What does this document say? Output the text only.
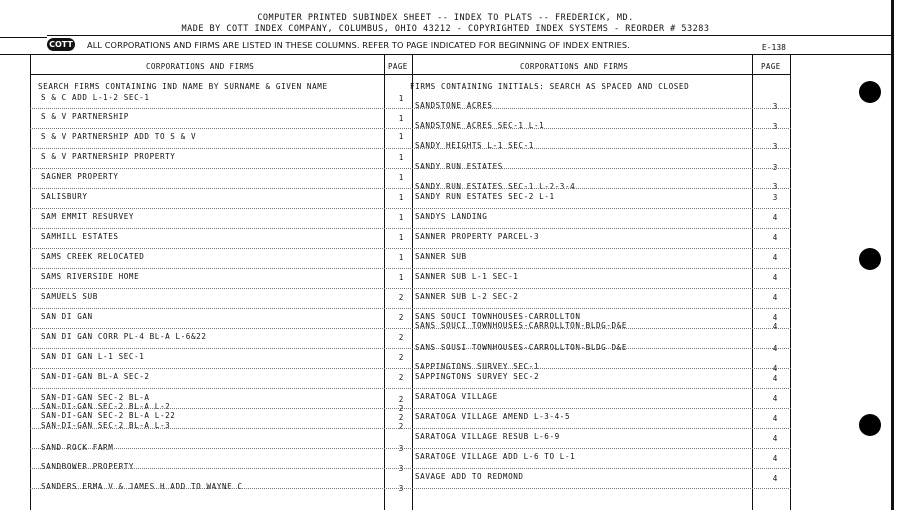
COMPUTER PRINTED SUBINDEX SHEET -- INDEX TO PLATS -- FREDERICK, MD.
MADE BY COTT INDEX COMPANY, COLUMBUS, OHIO 43212 - COPYRIGHTED INDEX SYSTEMS - REORDER # 53283
COTT ALL CORPORATIONS AND FIRMS ARE LISTED IN THESE COLUMNS. REFER TO PAGE INDICATED FOR BEGINNING OF INDEX ENTRIES.	E-138
CORPORATIONS AND FIRMS	PAGE	CORPORATIONS AND FIRMS	PAGE
SEARCH FIRMS CONTAINING IND NAME BY SURNAME & GIVEN NAME	FIRMS CONTAINING INITIALS: SEARCH AS SPACED AND CLOSED
S & C ADD L-1-2 SEC-1	1
S & V PARTNERSHIP	1
S & V PARTNERSHIP ADD TO S & V	1
S & V PARTNERSHIP PROPERTY	1
SAGNER PROPERTY	1
SALISBURY	1
SAM EMMIT RESURVEY	1
SAMHILL ESTATES	1
SAMS CREEK RELOCATED	1
SAMS RIVERSIDE HOME	1
SAMUELS SUB	2
SAN DI GAN	2
SAN DI GAN CORR PL-4 BL-A L-6&22	2
SAN DI GAN L-1 SEC-1	2
SAN-DI-GAN BL-A SEC-2	2
SAN-DI-GAN SEC-2 BL-A	2
SAN-DI-GAN SEC-2 BL-A L-2	2
SAN-DI-GAN SEC-2 BL-A L-22	2
SAN-DI-GAN SEC-2 BL-A L-3	2
SAND ROCK FARM	3
SANDBOWER PROPERTY	3
SANDERS ERMA V & JAMES H ADD TO WAYNE C	3
SANDSTONE ACRES	3
SANDSTONE ACRES SEC-1 L-1	3
SANDY HEIGHTS L-1 SEC-1	3
SANDY RUN ESTATES	3
SANDY RUN ESTATES SEC-1 L-2-3-4	3
SANDY RUN ESTATES SEC-2 L-1	3
SANDYS LANDING	4
SANNER PROPERTY PARCEL-3	4
SANNER SUB	4
SANNER SUB L-1 SEC-1	4
SANNER SUB L-2 SEC-2	4
SANS SOUCI TOWNHOUSES-CARROLLTON	4
SANS SOUCI TOWNHOUSES-CARROLLTON-BLDG-D&E	4
SANS SOUSI TOWNHOUSES-CARROLLTON-BLDG D&E	4
SAPPINGTONS SURVEY SEC-1	4
SAPPINGTONS SURVEY SEC-2	4
SARATOGA VILLAGE	4
SARATOGA VILLAGE AMEND L-3-4-5	4
SARATOGA VILLAGE RESUB L-6-9	4
SARATOGE VILLAGE ADD L-6 TO L-1	4
SAVAGE ADD TO REDMOND	4
